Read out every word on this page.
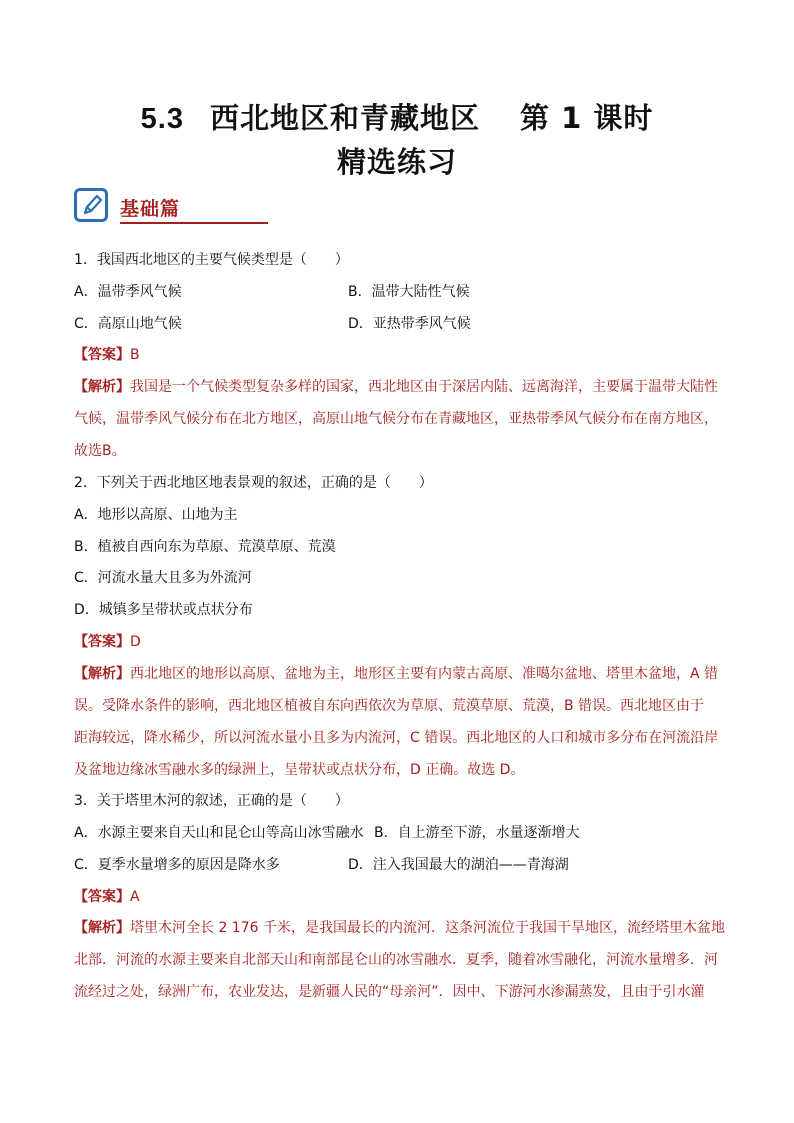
5.3 西北地区和青藏地区 第 1 课时
精选练习
基础篇
1．我国西北地区的主要气候类型是（　　）
A．温带季风气候	B．温带大陆性气候
C．高原山地气候	D．亚热带季风气候
【答案】B
【解析】我国是一个气候类型复杂多样的国家，西北地区由于深居内陆、远离海洋，主要属于温带大陆性
气候，温带季风气候分布在北方地区，高原山地气候分布在青藏地区，亚热带季风气候分布在南方地区，
故选B。
2．下列关于西北地区地表景观的叙述，正确的是（　　）
A．地形以高原、山地为主
B．植被自西向东为草原、荒漠草原、荒漠
C．河流水量大且多为外流河
D．城镇多呈带状或点状分布
【答案】D
【解析】西北地区的地形以高原、盆地为主，地形区主要有内蒙古高原、准噶尔盆地、塔里木盆地，A 错
误。受降水条件的影响，西北地区植被自东向西依次为草原、荒漠草原、荒漠，B 错误。西北地区由于
距海较远，降水稀少，所以河流水量小且多为内流河，C 错误。西北地区的人口和城市多分布在河流沿岸
及盆地边缘冰雪融水多的绿洲上，呈带状或点状分布，D 正确。故选 D。
3．关于塔里木河的叙述，正确的是（　　）
A．水源主要来自天山和昆仑山等高山冰雪融水 B．自上游至下游，水量逐渐增大
C．夏季水量增多的原因是降水多	D．注入我国最大的湖泊——青海湖
【答案】A
【解析】塔里木河全长 2 176 千米，是我国最长的内流河．这条河流位于我国干旱地区，流经塔里木盆地
北部．河流的水源主要来自北部天山和南部昆仑山的冰雪融水．夏季，随着冰雪融化，河流水量增多．河
流经过之处，绿洲广布，农业发达，是新疆人民的“母亲河”．因中、下游河水渗漏蒸发，且由于引水灌
